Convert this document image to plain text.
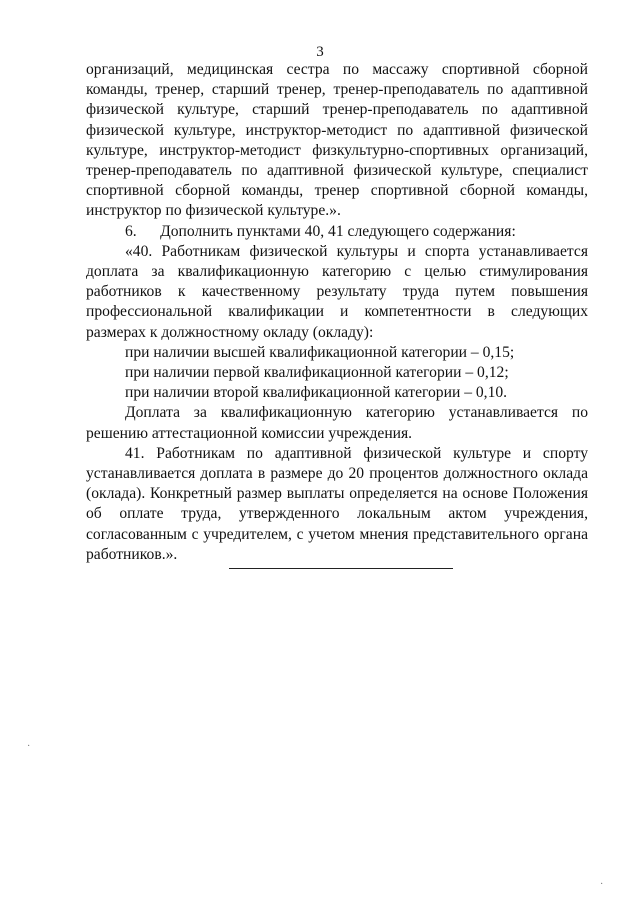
3

организаций, медицинская сестра по массажу спортивной сборной команды, тренер, старший тренер, тренер-преподаватель по адаптивной физической культуре, старший тренер-преподаватель по адаптивной физической культуре, инструктор-методист по адаптивной физической культуре, инструктор-методист физкультурно-спортивных организаций, тренер-преподаватель по адаптивной физической культуре, специалист спортивной сборной команды, тренер спортивной сборной команды, инструктор по физической культуре.».

6.      Дополнить пунктами 40, 41 следующего содержания:

«40. Работникам физической культуры и спорта устанавливается доплата за квалификационную категорию с целью стимулирования работников к качественному результату труда путем повышения профессиональной квалификации и компетентности в следующих размерах к должностному окладу (окладу):

при наличии высшей квалификационной категории – 0,15;

при наличии первой квалификационной категории – 0,12;

при наличии второй квалификационной категории – 0,10.

Доплата за квалификационную категорию устанавливается по решению аттестационной комиссии учреждения.

41. Работникам по адаптивной физической культуре и спорту устанавливается доплата в размере до 20 процентов должностного оклада (оклада). Конкретный размер выплаты определяется на основе Положения об оплате труда, утвержденного локальным актом учреждения, согласованным с учредителем, с учетом мнения представительного органа работников.».

·
·
